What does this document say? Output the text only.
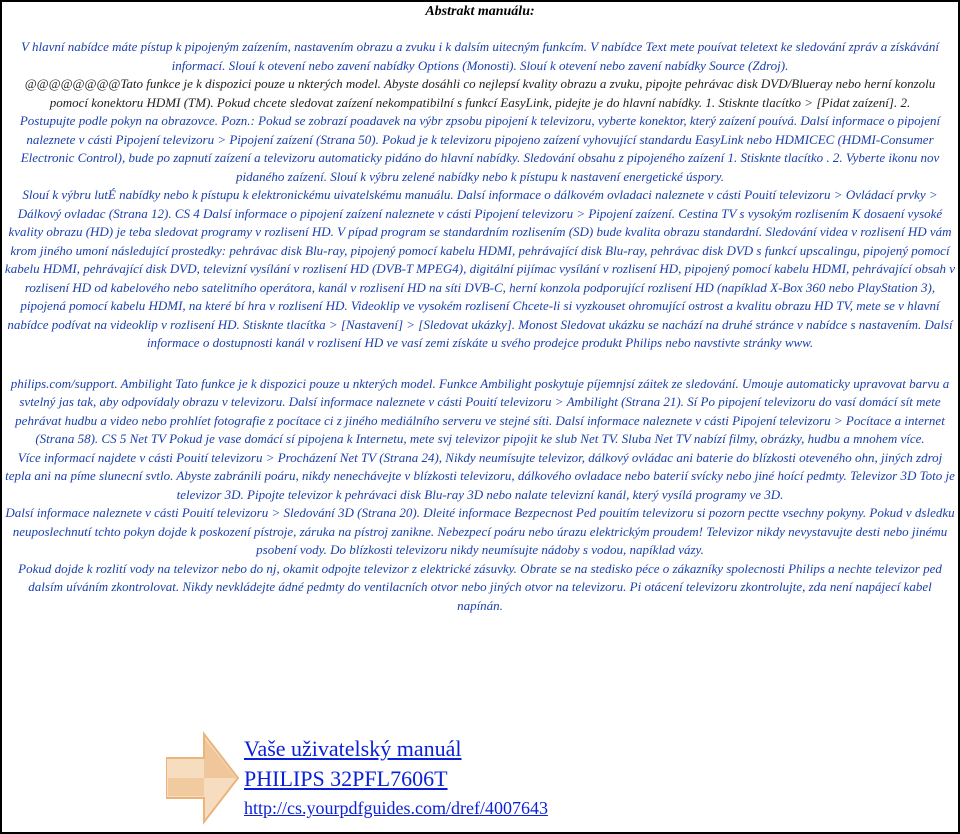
Abstrakt manuálu:

V hlavní nabídce máte pístup k pipojeným zaízením, nastavením obrazu a zvuku i k dalsím uitecným funkcím. V nabídce Text mete pouívat teletext ke sledování zpráv a získávání informací. Slouí k otevení nebo zavení nabídky Options (Monosti). Slouí k otevení nebo zavení nabídky Source (Zdroj).

@@@@@@@@Tato funkce je k dispozici pouze u nkterých model. Abyste dosáhli co nejlepsí kvality obrazu a zvuku, pipojte pehrávac disk DVD/Blueray nebo herní konzolu pomocí konektoru HDMI (TM). Pokud chcete sledovat zaízení nekompatibilní s funkcí EasyLink, pidejte je do hlavní nabídky. 1. Stisknte tlacítko > [Pidat zaízení]. 2.

Postupujte podle pokyn na obrazovce. Pozn.: Pokud se zobrazí poadavek na výbr zpsobu pipojení k televizoru, vyberte konektor, který zaízení pouívá. Dalsí informace o pipojení naleznete v cásti Pipojení televizoru > Pipojení zaízení (Strana 50). Pokud je k televizoru pipojeno zaízení vyhovující standardu EasyLink nebo HDMICEC (HDMI-Consumer Electronic Control), bude po zapnutí zaízení a televizoru automaticky pidáno do hlavní nabídky. Sledování obsahu z pipojeného zaízení 1. Stisknte tlacítko . 2. Vyberte ikonu nov pidaného zaízení. Slouí k výbru zelené nabídky nebo k pístupu k nastavení energetické úspory.

Slouí k výbru lutÉ nabídky nebo k pístupu k elektronickému uivatelskému manuálu. Dalsí informace o dálkovém ovladaci naleznete v cásti Pouití televizoru > Ovládací prvky > Dálkový ovladac (Strana 12). CS 4 Dalsí informace o pipojení zaízení naleznete v cásti Pipojení televizoru > Pipojení zaízení. Cestina TV s vysokým rozlisením K dosaení vysoké kvality obrazu (HD) je teba sledovat programy v rozlisení HD. V pípad program se standardním rozlisením (SD) bude kvalita obrazu standardní. Sledování videa v rozlisení HD vám krom jiného umoní následující prostedky: pehrávac disk Blu-ray, pipojený pomocí kabelu HDMI, pehrávající disk Blu-ray, pehrávac disk DVD s funkcí upscalingu, pipojený pomocí kabelu HDMI, pehrávající disk DVD, televizní vysílání v rozlisení HD (DVB-T MPEG4), digitální pijímac vysílání v rozlisení HD, pipojený pomocí kabelu HDMI, pehrávající obsah v rozlisení HD od kabelového nebo satelitního operátora, kanál v rozlisení HD na síti DVB-C, herní konzola podporující rozlisení HD (napíklad X-Box 360 nebo PlayStation 3), pipojená pomocí kabelu HDMI, na které bí hra v rozlisení HD. Videoklip ve vysokém rozlisení Chcete-li si vyzkouset ohromující ostrost a kvalitu obrazu HD TV, mete se v hlavní nabídce podívat na videoklip v rozlisení HD. Stisknte tlacítka > [Nastavení] > [Sledovat ukázky]. Monost Sledovat ukázku se nachází na druhé stránce v nabídce s nastavením. Dalsí informace o dostupnosti kanál v rozlisení HD ve vasí zemi získáte u svého prodejce produkt Philips nebo navstivte stránky www.

philips.com/support. Ambilight Tato funkce je k dispozici pouze u nkterých model. Funkce Ambilight poskytuje píjemnjsí záitek ze sledování. Umouje automaticky upravovat barvu a svtelný jas tak, aby odpovídaly obrazu v televizoru. Dalsí informace naleznete v cásti Pouití televizoru > Ambilight (Strana 21). Sí Po pipojení televizoru do vasí domácí sít mete pehrávat hudbu a video nebo prohlíet fotografie z pocítace ci z jiného mediálního serveru ve stejné síti. Dalsí informace naleznete v cásti Pipojení televizoru > Pocítace a internet (Strana 58). CS 5 Net TV Pokud je vase domácí sí pipojena k Internetu, mete svj televizor pipojit ke slub Net TV. Sluba Net TV nabízí filmy, obrázky, hudbu a mnohem více.

Více informací najdete v cásti Pouití televizoru > Procházení Net TV (Strana 24), Nikdy neumísujte televizor, dálkový ovládac ani baterie do blízkosti oteveného ohn, jiných zdroj tepla ani na píme slunecní svtlo. Abyste zabránili poáru, nikdy nenechávejte v blízkosti televizoru, dálkového ovladace nebo baterií svícky nebo jiné hoící pedmty. Televizor 3D Toto je televizor 3D. Pipojte televizor k pehrávaci disk Blu-ray 3D nebo nalate televizní kanál, který vysílá programy ve 3D.

Dalsí informace naleznete v cásti Pouití televizoru > Sledování 3D (Strana 20). Dleité informace Bezpecnost Ped pouitím televizoru si pozorn pectte vsechny pokyny. Pokud v dsledku neuposlechnutí tchto pokyn dojde k poskození pístroje, záruka na pístroj zanikne. Nebezpecí poáru nebo úrazu elektrickým proudem! Televizor nikdy nevystavujte desti nebo jinému psobení vody. Do blízkosti televizoru nikdy neumísujte nádoby s vodou, napíklad vázy.

Pokud dojde k rozlití vody na televizor nebo do nj, okamit odpojte televizor z elektrické zásuvky. Obrate se na stedisko péce o zákazníky spolecnosti Philips a nechte televizor ped dalsím uíváním zkontrolovat. Nikdy nevkládejte ádné pedmty do ventilacních otvor nebo jiných otvor na televizoru. Pi otácení televizoru zkontrolujte, zda není napájecí kabel napínán.

Vaše uživatelský manuál
PHILIPS 32PFL7606T
http://cs.yourpdfguides.com/dref/4007643
